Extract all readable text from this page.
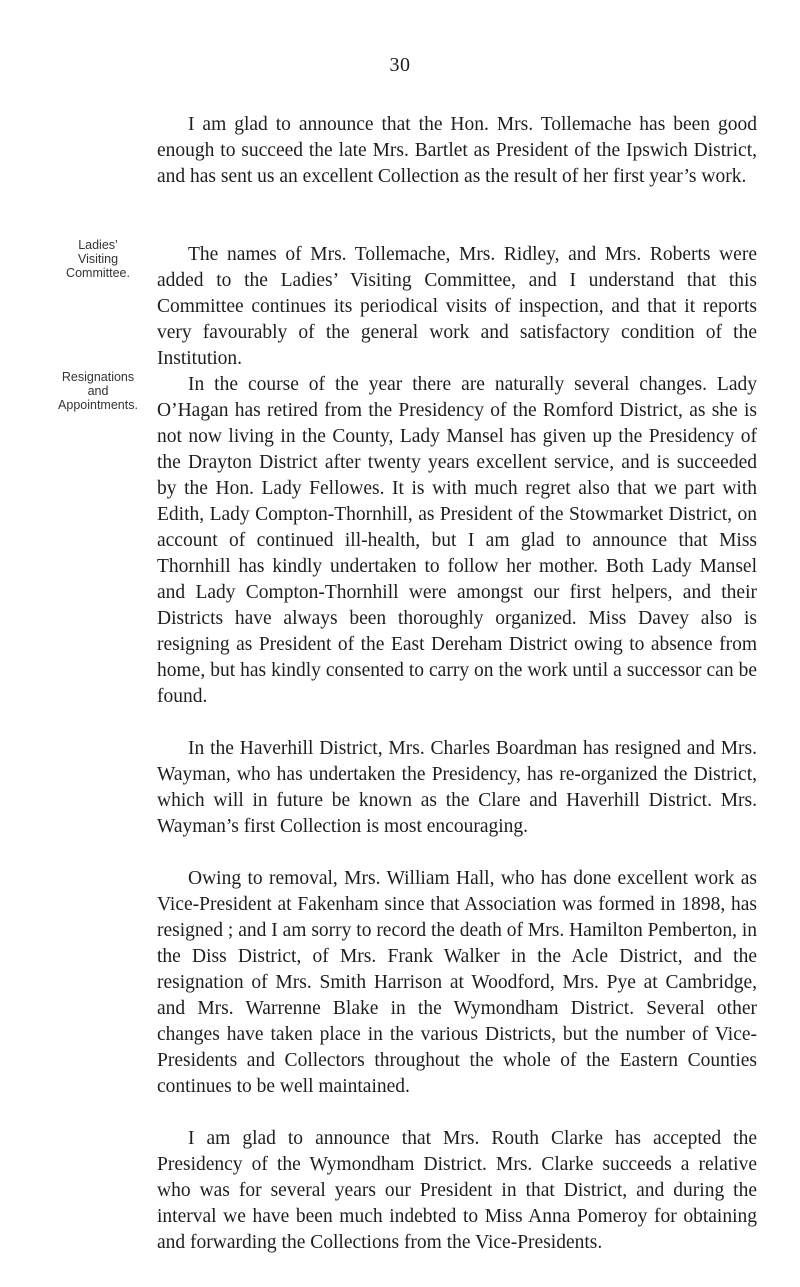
30
Ladies’
Visiting
Committee.
Resignations
and
Appointments.

I am glad to announce that the Hon. Mrs. Tollemache has been good enough to succeed the late Mrs. Bartlet as President of the Ipswich District, and has sent us an excellent Collection as the result of her first year’s work.

The names of Mrs. Tollemache, Mrs. Ridley, and Mrs. Roberts were added to the Ladies’ Visiting Committee, and I understand that this Committee continues its periodical visits of inspection, and that it reports very favourably of the general work and satisfactory condition of the Institution.

In the course of the year there are naturally several changes. Lady O’Hagan has retired from the Presidency of the Romford District, as she is not now living in the County, Lady Mansel has given up the Presidency of the Drayton District after twenty years excellent service, and is succeeded by the Hon. Lady Fellowes. It is with much regret also that we part with Edith, Lady Compton-Thornhill, as President of the Stowmarket District, on account of continued ill-health, but I am glad to announce that Miss Thornhill has kindly undertaken to follow her mother. Both Lady Mansel and Lady Compton-Thornhill were amongst our first helpers, and their Districts have always been thoroughly organized. Miss Davey also is resigning as President of the East Dereham District owing to absence from home, but has kindly consented to carry on the work until a successor can be found.

In the Haverhill District, Mrs. Charles Boardman has resigned and Mrs. Wayman, who has undertaken the Presidency, has re-organized the District, which will in future be known as the Clare and Haverhill District. Mrs. Wayman’s first Collection is most encouraging.

Owing to removal, Mrs. William Hall, who has done excellent work as Vice-President at Fakenham since that Association was formed in 1898, has resigned ; and I am sorry to record the death of Mrs. Hamilton Pemberton, in the Diss District, of Mrs. Frank Walker in the Acle District, and the resignation of Mrs. Smith Harrison at Woodford, Mrs. Pye at Cambridge, and Mrs. Warrenne Blake in the Wymondham District. Several other changes have taken place in the various Districts, but the number of Vice-Presidents and Collectors throughout the whole of the Eastern Counties continues to be well maintained.

I am glad to announce that Mrs. Routh Clarke has accepted the Presidency of the Wymondham District. Mrs. Clarke succeeds a relative who was for several years our President in that District, and during the interval we have been much indebted to Miss Anna Pomeroy for obtaining and forwarding the Collections from the Vice-Presidents.
